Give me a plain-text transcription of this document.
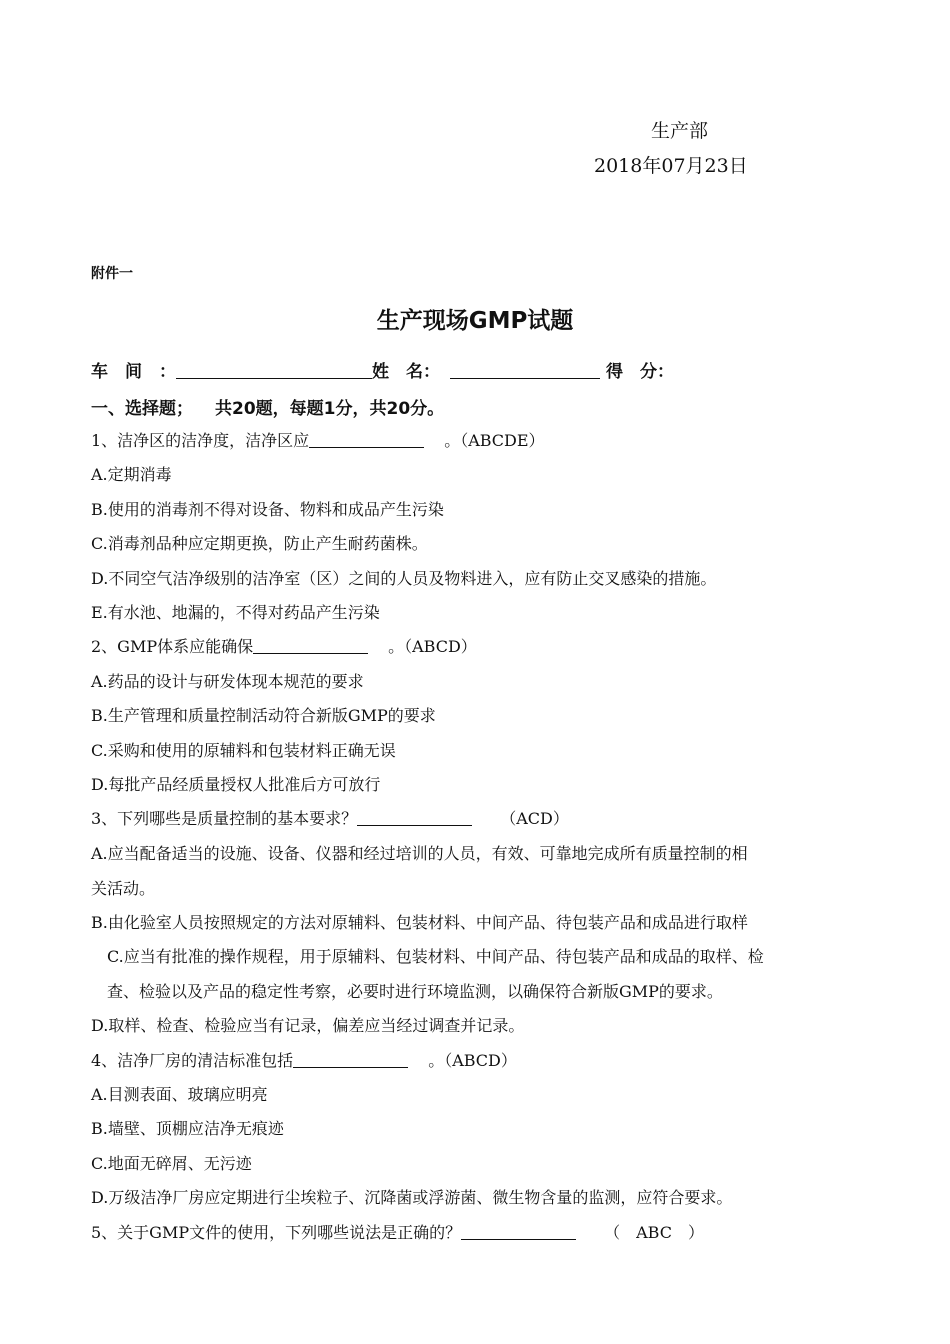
生产部
2018年07月23日
附件一
生产现场GMP试题
车　间　：	姓　名：	得　分：
一、选择题； 共20题，每题1分，共20分。
1、洁净区的洁净度，洁净区应	。（ABCDE）
A.定期消毒
B.使用的消毒剂不得对设备、物料和成品产生污染
C.消毒剂品种应定期更换，防止产生耐药菌株。
D.不同空气洁净级别的洁净室（区）之间的人员及物料进入，应有防止交叉感染的措施。
E.有水池、地漏的，不得对药品产生污染
2、GMP体系应能确保	。（ABCD）
A.药品的设计与研发体现本规范的要求
B.生产管理和质量控制活动符合新版GMP的要求
C.采购和使用的原辅料和包装材料正确无误
D.每批产品经质量授权人批准后方可放行
3、下列哪些是质量控制的基本要求？	（ACD）
A.应当配备适当的设施、设备、仪器和经过培训的人员，有效、可靠地完成所有质量控制的相
关活动。
B.由化验室人员按照规定的方法对原辅料、包装材料、中间产品、待包装产品和成品进行取样
C.应当有批准的操作规程，用于原辅料、包装材料、中间产品、待包装产品和成品的取样、检
查、检验以及产品的稳定性考察，必要时进行环境监测，以确保符合新版GMP的要求。
D.取样、检查、检验应当有记录，偏差应当经过调查并记录。
4、洁净厂房的清洁标准包括	。（ABCD）
A.目测表面、玻璃应明亮
B.墙壁、顶棚应洁净无痕迹
C.地面无碎屑、无污迹
D.万级洁净厂房应定期进行尘埃粒子、沉降菌或浮游菌、微生物含量的监测，应符合要求。
5、关于GMP文件的使用，下列哪些说法是正确的？	（　ABC　）
